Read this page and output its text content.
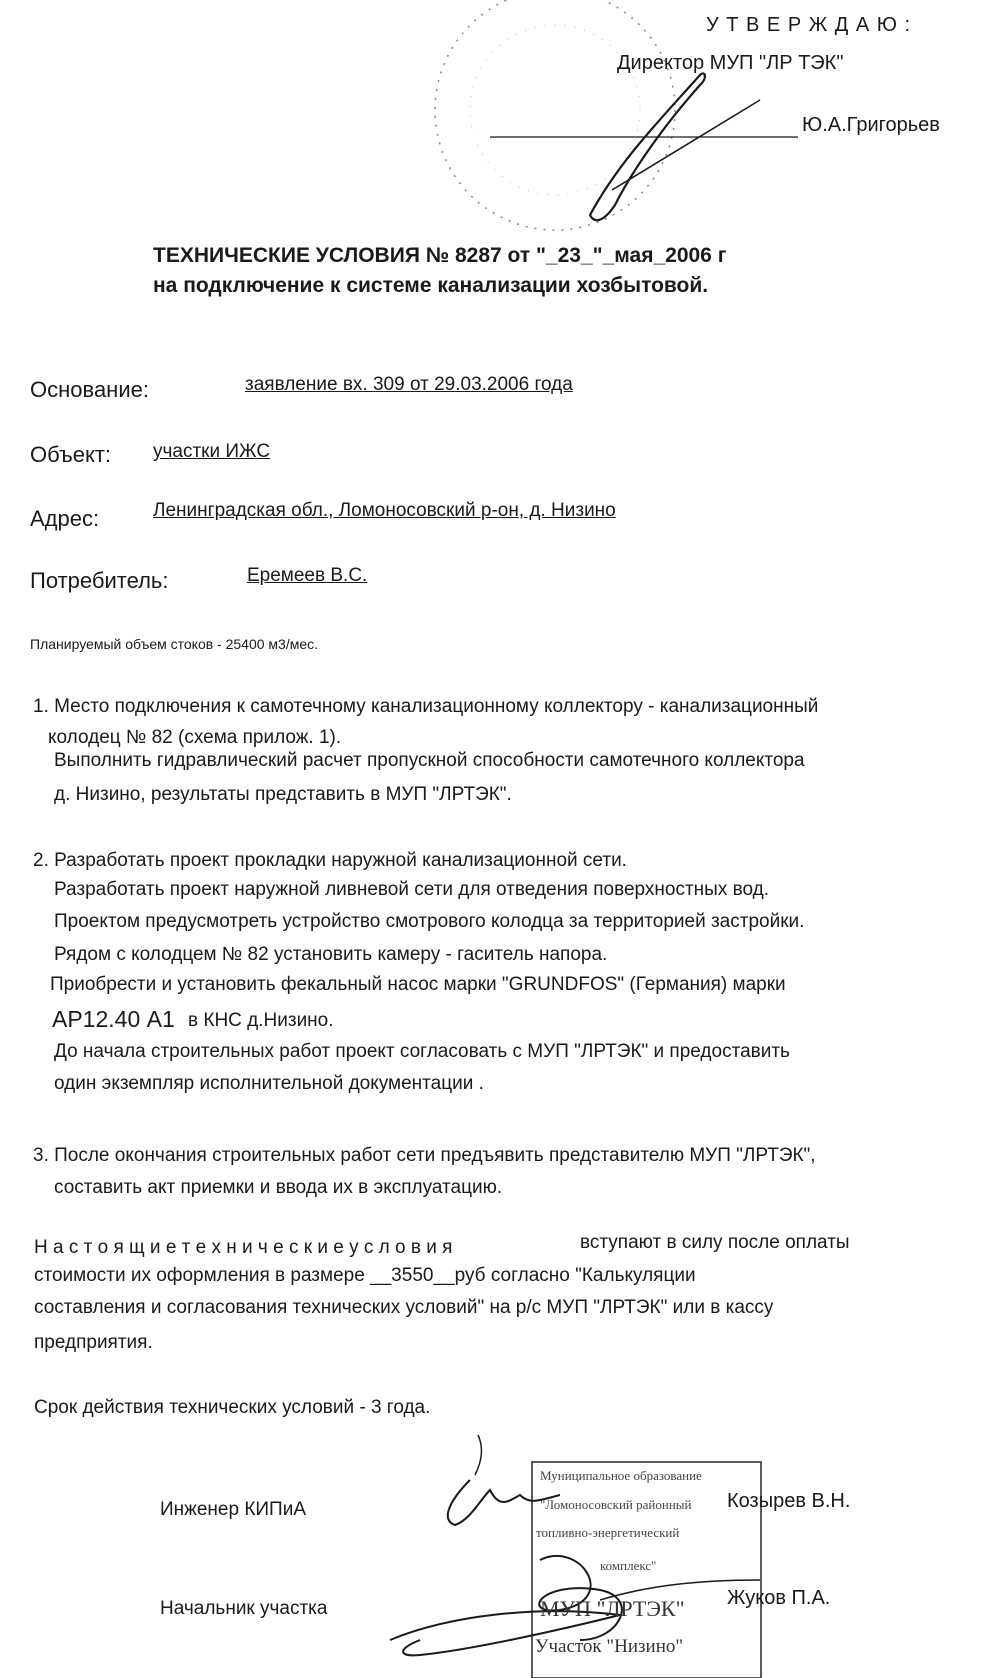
У Т В Е Р Ж Д А Ю :
Директор МУП "ЛР ТЭК"
Ю.А.Григорьев
ТЕХНИЧЕСКИЕ УСЛОВИЯ № 8287 от "_23_"_мая_2006 г
на подключение к системе канализации хозбытовой.
Основание:	заявление вх. 309 от 29.03.2006 года
Объект: участки ИЖС
Адрес:	Ленинградская обл., Ломоносовский р-он, д. Низино
Потребитель:	Еремеев В.С.
Планируемый объем стоков - 25400 м3/мес.
1. Место подключения к самотечному канализационному коллектору - канализационный
колодец № 82 (схема прилож. 1).
Выполнить гидравлический расчет пропускной способности самотечного коллектора
д. Низино, результаты представить в МУП "ЛРТЭК".
2. Разработать проект прокладки наружной канализационной сети.
Разработать проект наружной ливневой сети для отведения поверхностных вод.
Проектом предусмотреть устройство смотрового колодца за территорией застройки.
Рядом с колодцем № 82 установить камеру - гаситель напора.
Приобрести и установить фекальный насос марки "GRUNDFOS" (Германия) марки
АР12.40 А1 в КНС д.Низино.
До начала строительных работ проект согласовать с МУП "ЛРТЭК" и предоставить
один экземпляр исполнительной документации .
3. После окончания строительных работ сети предъявить представителю МУП "ЛРТЭК",
составить акт приемки и ввода их в эксплуатацию.
Н а с т о я щ и е т е х н и ч е с к и е у с л о в и я	вступают в силу после оплаты
стоимости их оформления в размере __3550__руб согласно "Калькуляции
составления и согласования технических условий" на р/с МУП "ЛРТЭК" или в кассу
предприятия.
Срок действия технических условий - 3 года.
Муниципальное образование
"Ломоносовский районный
топливно-энергетический
комплекс"
МУП "ЛРТЭК"
Участок "Низино"
Инженер КИПиА	Козырев В.Н.
Начальник участка	Жуков П.А.
